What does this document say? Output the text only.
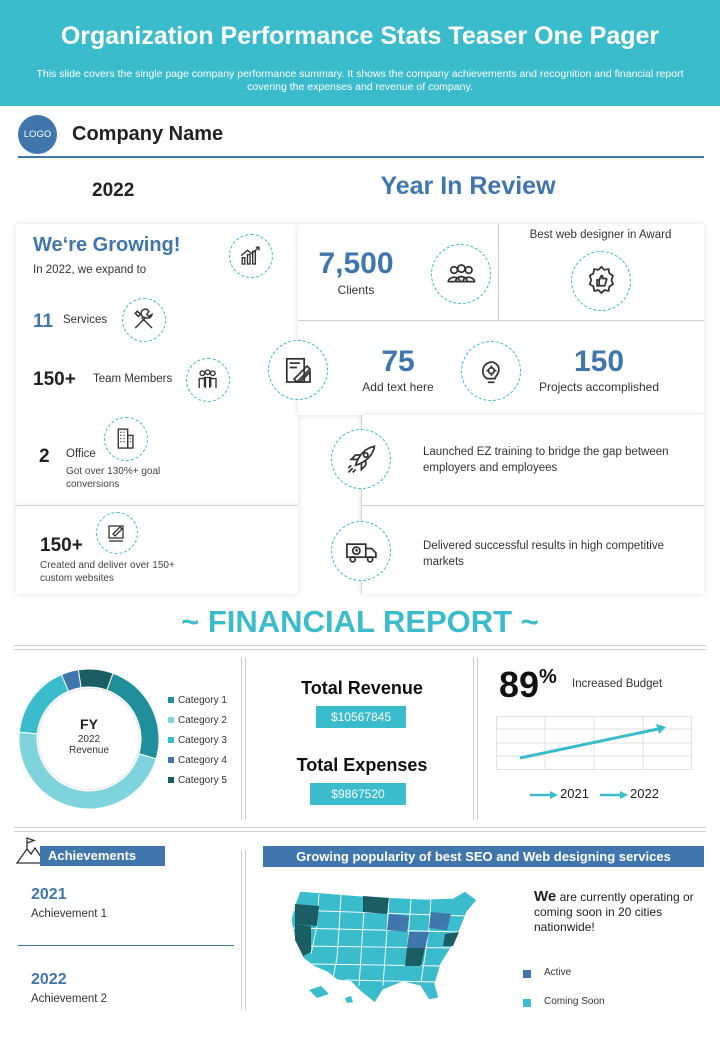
Organization Performance Stats Teaser One Pager
This slide covers the single page company performance summary. It shows the company achievements and recognition and financial report covering the expenses and revenue of company.
LOGO Company Name
2022	Year In Review
We‘re Growing!
In 2022, we expand to
11 Services
150+ Team Members
2 Office
Got over 130%+ goal conversions
150+
Created and deliver over 150+ custom websites
7,500
Clients
Best web designer in Award
75
Add text here
150
Projects accomplished
Launched EZ training to bridge the gap between employers and employees
Delivered successful results in high competitive markets
~ FINANCIAL REPORT ~
FY
2022
Revenue
Category 1
Category 2
Category 3
Category 4
Category 5
Total Revenue
$10567845
Total Expenses
$9867520
89% Increased Budget
2021	2022
Achievements
2021
Achievement 1
2022
Achievement 2
Growing popularity of best SEO and Web designing services
We are currently operating or coming soon in 20 cities nationwide!
Active
Coming Soon
